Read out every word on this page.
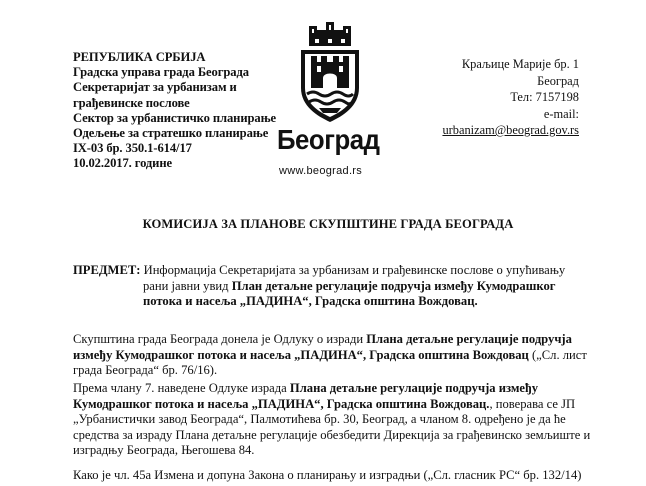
РЕПУБЛИКА СРБИЈА
Градска управа града Београда
Секретаријат за урбанизам и
грађевинске послове
Сектор за урбанистичко планирање
Одељење за стратешко планирање
IX-03 бр. 350.1-614/17
10.02.2017. године
Београд
www.beograd.rs
Краљице Марије бр. 1
Београд
Тел: 7157198
e-mail:
urbanizam@beograd.gov.rs
КОМИСИЈА ЗА ПЛАНОВЕ СКУПШТИНЕ ГРАДА БЕОГРАДА
ПРЕДМЕТ: Информација Секретаријата за урбанизам и грађевинске послове о упућивању
рани јавни увид План детаљне регулације подручја између Кумодрашког
потока и насеља „ПАДИНА“, Градска општина Вождовац.
Скупштина града Београда донела је Одлуку о изради Плана детаљне регулације подручја
између Кумодрашког потока и насеља „ПАДИНА“, Градска општина Вождовац („Сл. лист
града Београда“ бр. 76/16).
Према члану 7. наведене Одлуке израда Плана детаљне регулације подручја између
Кумодрашког потока и насеља „ПАДИНА“, Градска општина Вождовац., поверава се ЈП
„Урбанистички завод Београда“, Палмотићева бр. 30, Београд, а чланом 8. одређено је да ће
средства за израду Плана детаљне регулације обезбедити Дирекција за грађевинско земљиште и
изградњу Београда, Његошева 84.
Како је чл. 45а Измена и допуна Закона о планирању и изградњи („Сл. гласник РС“ бр. 132/14)
